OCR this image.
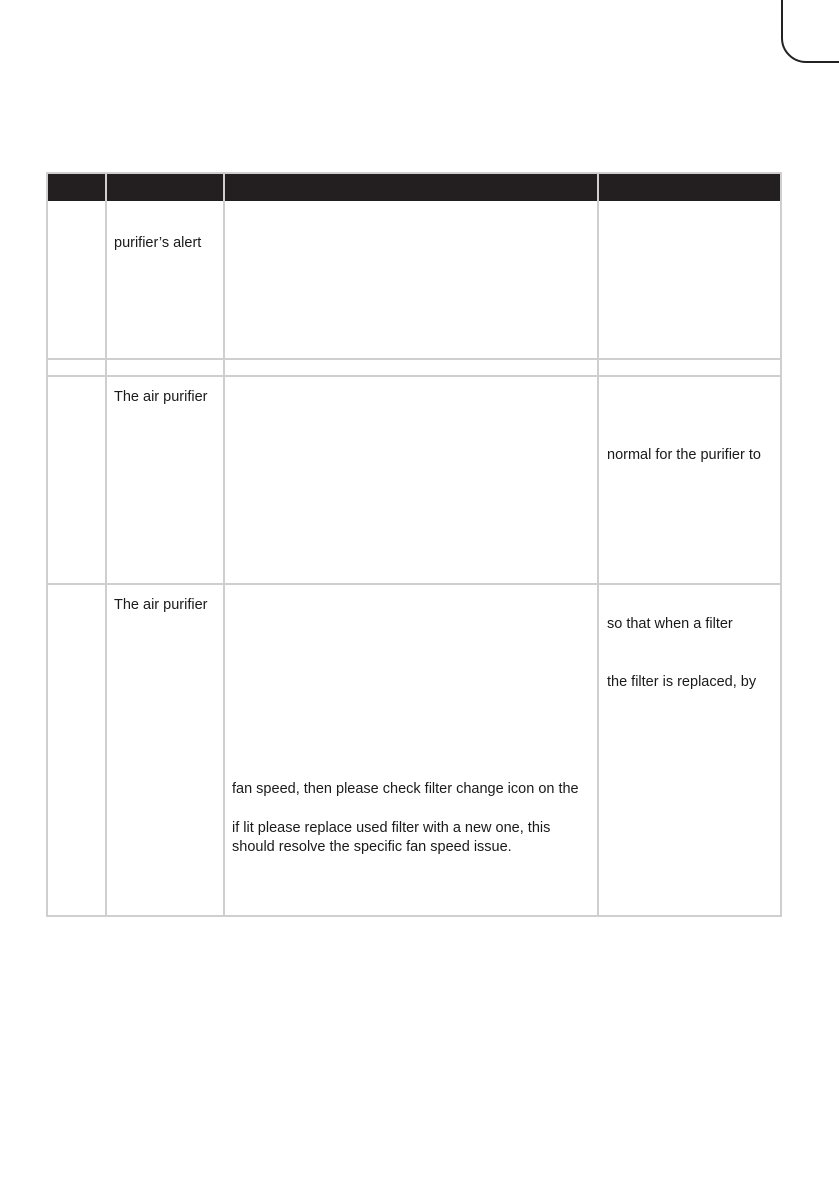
purifier’s alert
The air purifier
normal for the purifier to
The air purifier
so that when a filter
the filter is replaced, by
fan speed, then please check filter change icon on the
if lit please replace used filter with a new one, this
should resolve the specific fan speed issue.
